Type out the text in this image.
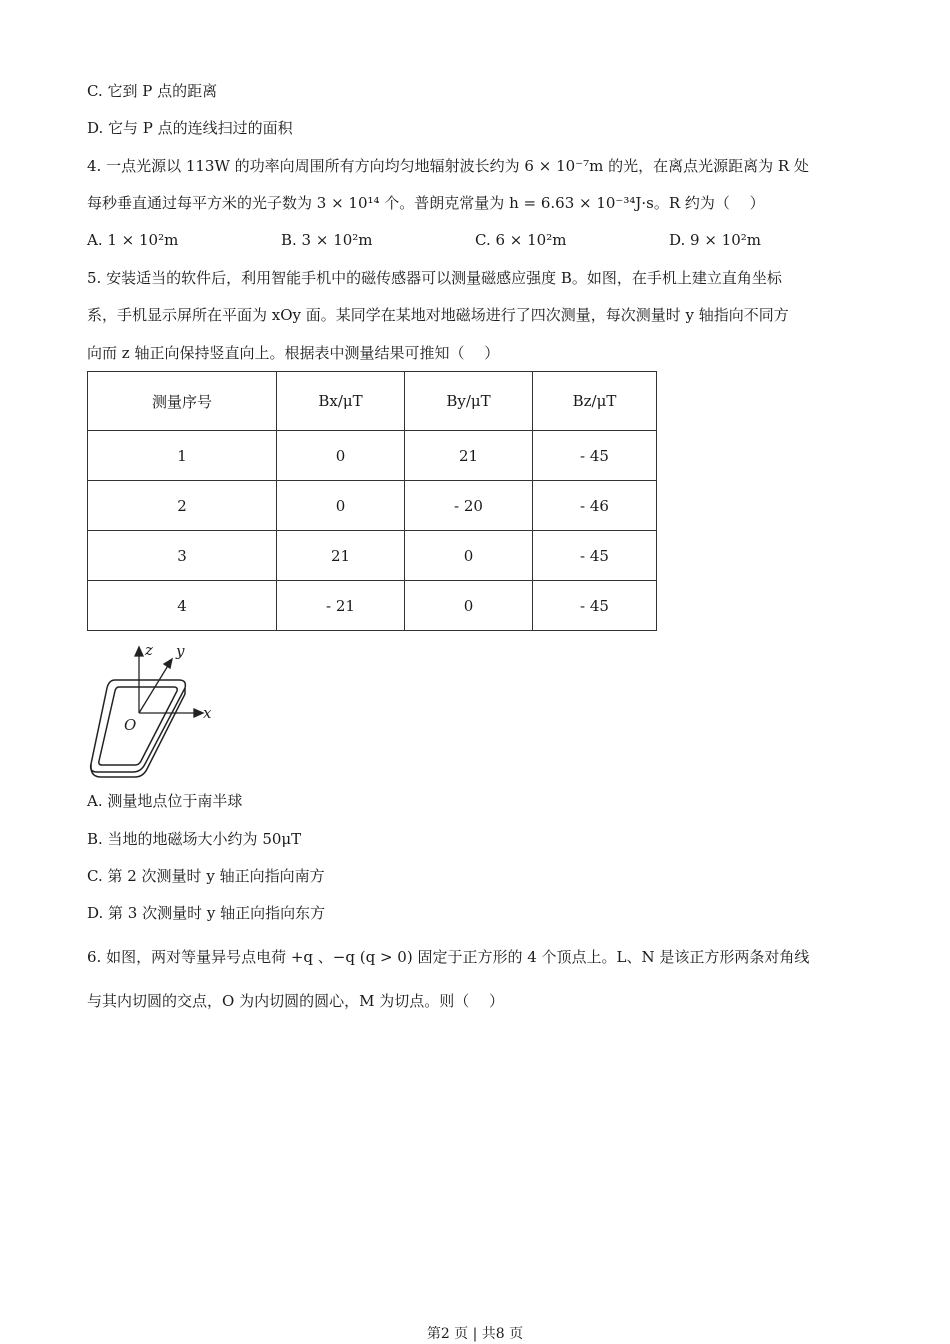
C. 它到 P 点的距离
D. 它与 P 点的连线扫过的面积
4. 一点光源以 113W 的功率向周围所有方向均匀地辐射波长约为 6 × 10⁻⁷m 的光，在离点光源距离为 R 处
每秒垂直通过每平方米的光子数为 3 × 10¹⁴ 个。普朗克常量为 h = 6.63 × 10⁻³⁴J·s。R 约为（　 ）
A. 1 × 10²m	B. 3 × 10²m	C. 6 × 10²m	D. 9 × 10²m
5. 安装适当的软件后，利用智能手机中的磁传感器可以测量磁感应强度 B。如图，在手机上建立直角坐标
系，手机显示屏所在平面为 xOy 面。某同学在某地对地磁场进行了四次测量，每次测量时 y 轴指向不同方
向而 z 轴正向保持竖直向上。根据表中测量结果可推知（　 ）
测量序号	Bx/μT	By/μT	Bz/μT
1	0	21	- 45
2	0	- 20	- 46
3	21	0	- 45
4	- 21	0	- 45
z y
x
O
A. 测量地点位于南半球
B. 当地的地磁场大小约为 50μT
C. 第 2 次测量时 y 轴正向指向南方
D. 第 3 次测量时 y 轴正向指向东方
6. 如图，两对等量异号点电荷 +q 、−q (q > 0) 固定于正方形的 4 个顶点上。L、N 是该正方形两条对角线
与其内切圆的交点，O 为内切圆的圆心，M 为切点。则（　 ）
第2 页 | 共8 页
